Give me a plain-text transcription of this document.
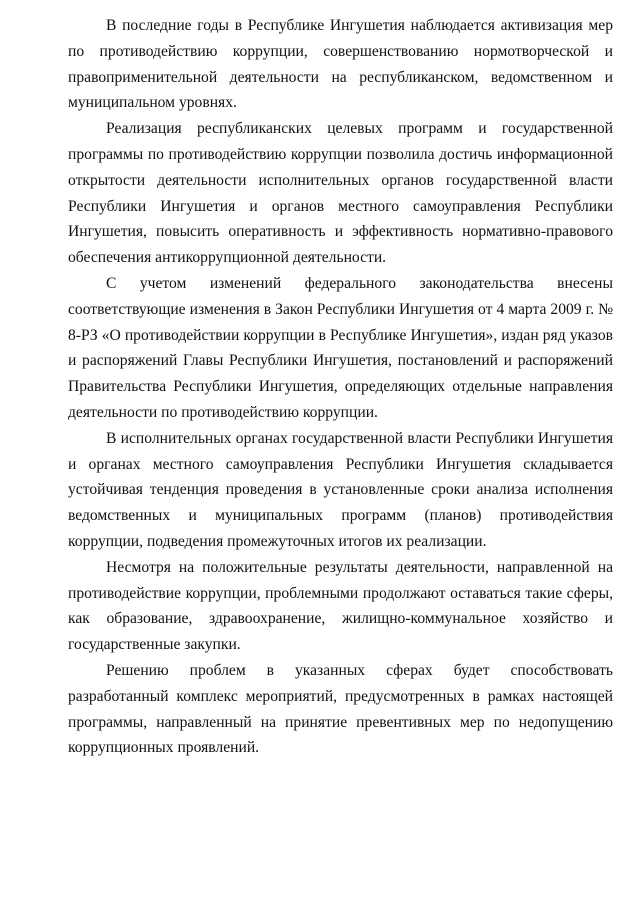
В последние годы в Республике Ингушетия наблюдается активизация мер по противодействию коррупции, совершенствованию нормотворческой и правоприменительной деятельности на республиканском, ведомственном и муниципальном уровнях.

Реализация республиканских целевых программ и государственной программы по противодействию коррупции позволила достичь информационной открытости деятельности исполнительных органов государственной власти Республики Ингушетия и органов местного самоуправления Республики Ингушетия, повысить оперативность и эффективность нормативно-правового обеспечения антикоррупционной деятельности.

С учетом изменений федерального законодательства внесены соответствующие изменения в Закон Республики Ингушетия от 4 марта 2009 г. № 8-РЗ «О противодействии коррупции в Республике Ингушетия», издан ряд указов и распоряжений Главы Республики Ингушетия, постановлений и распоряжений Правительства Республики Ингушетия, определяющих отдельные направления деятельности по противодействию коррупции.

В исполнительных органах государственной власти Республики Ингушетия и органах местного самоуправления Республики Ингушетия складывается устойчивая тенденция проведения в установленные сроки анализа исполнения ведомственных и муниципальных программ (планов) противодействия коррупции, подведения промежуточных итогов их реализации.

Несмотря на положительные результаты деятельности, направленной на противодействие коррупции, проблемными продолжают оставаться такие сферы, как образование, здравоохранение, жилищно-коммунальное хозяйство и государственные закупки.

Решению проблем в указанных сферах будет способствовать разработанный комплекс мероприятий, предусмотренных в рамках настоящей программы, направленный на принятие превентивных мер по недопущению коррупционных проявлений.
